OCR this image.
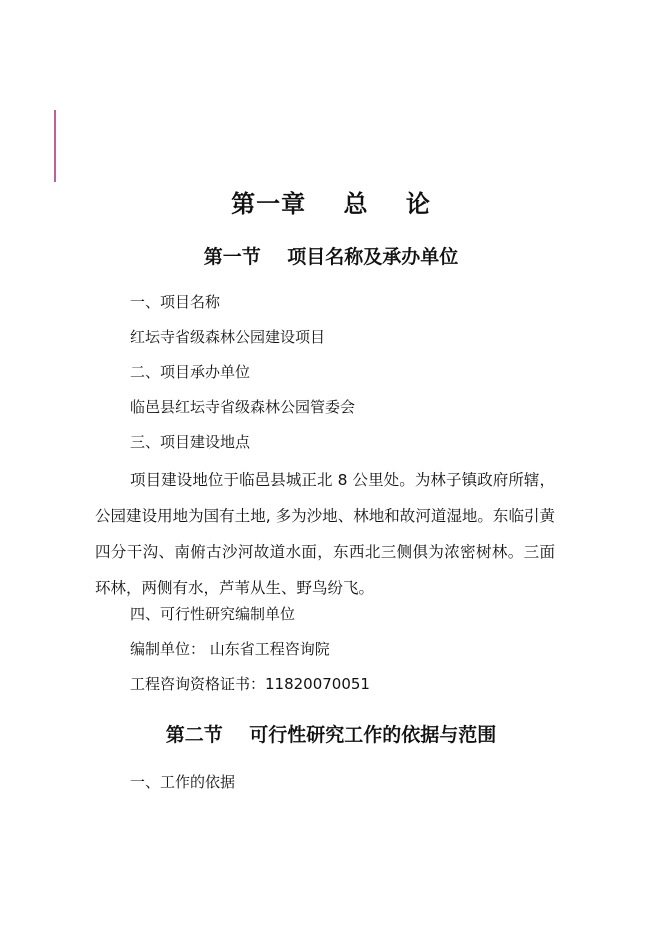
第一章    总    论
第一节    项目名称及承办单位

一、项目名称

红坛寺省级森林公园建设项目

二、项目承办单位

临邑县红坛寺省级森林公园管委会

三、项目建设地点

项目建设地位于临邑县城正北 8 公里处。为林子镇政府所辖，公园建设用地为国有土地, 多为沙地、林地和故河道湿地。东临引黄四分干沟、南俯古沙河故道水面，东西北三侧俱为浓密树林。三面环林，两侧有水，芦苇从生、野鸟纷飞。

四、可行性研究编制单位

编制单位： 山东省工程咨询院

工程咨询资格证书：11820070051

第二节    可行性研究工作的依据与范围

一、工作的依据
